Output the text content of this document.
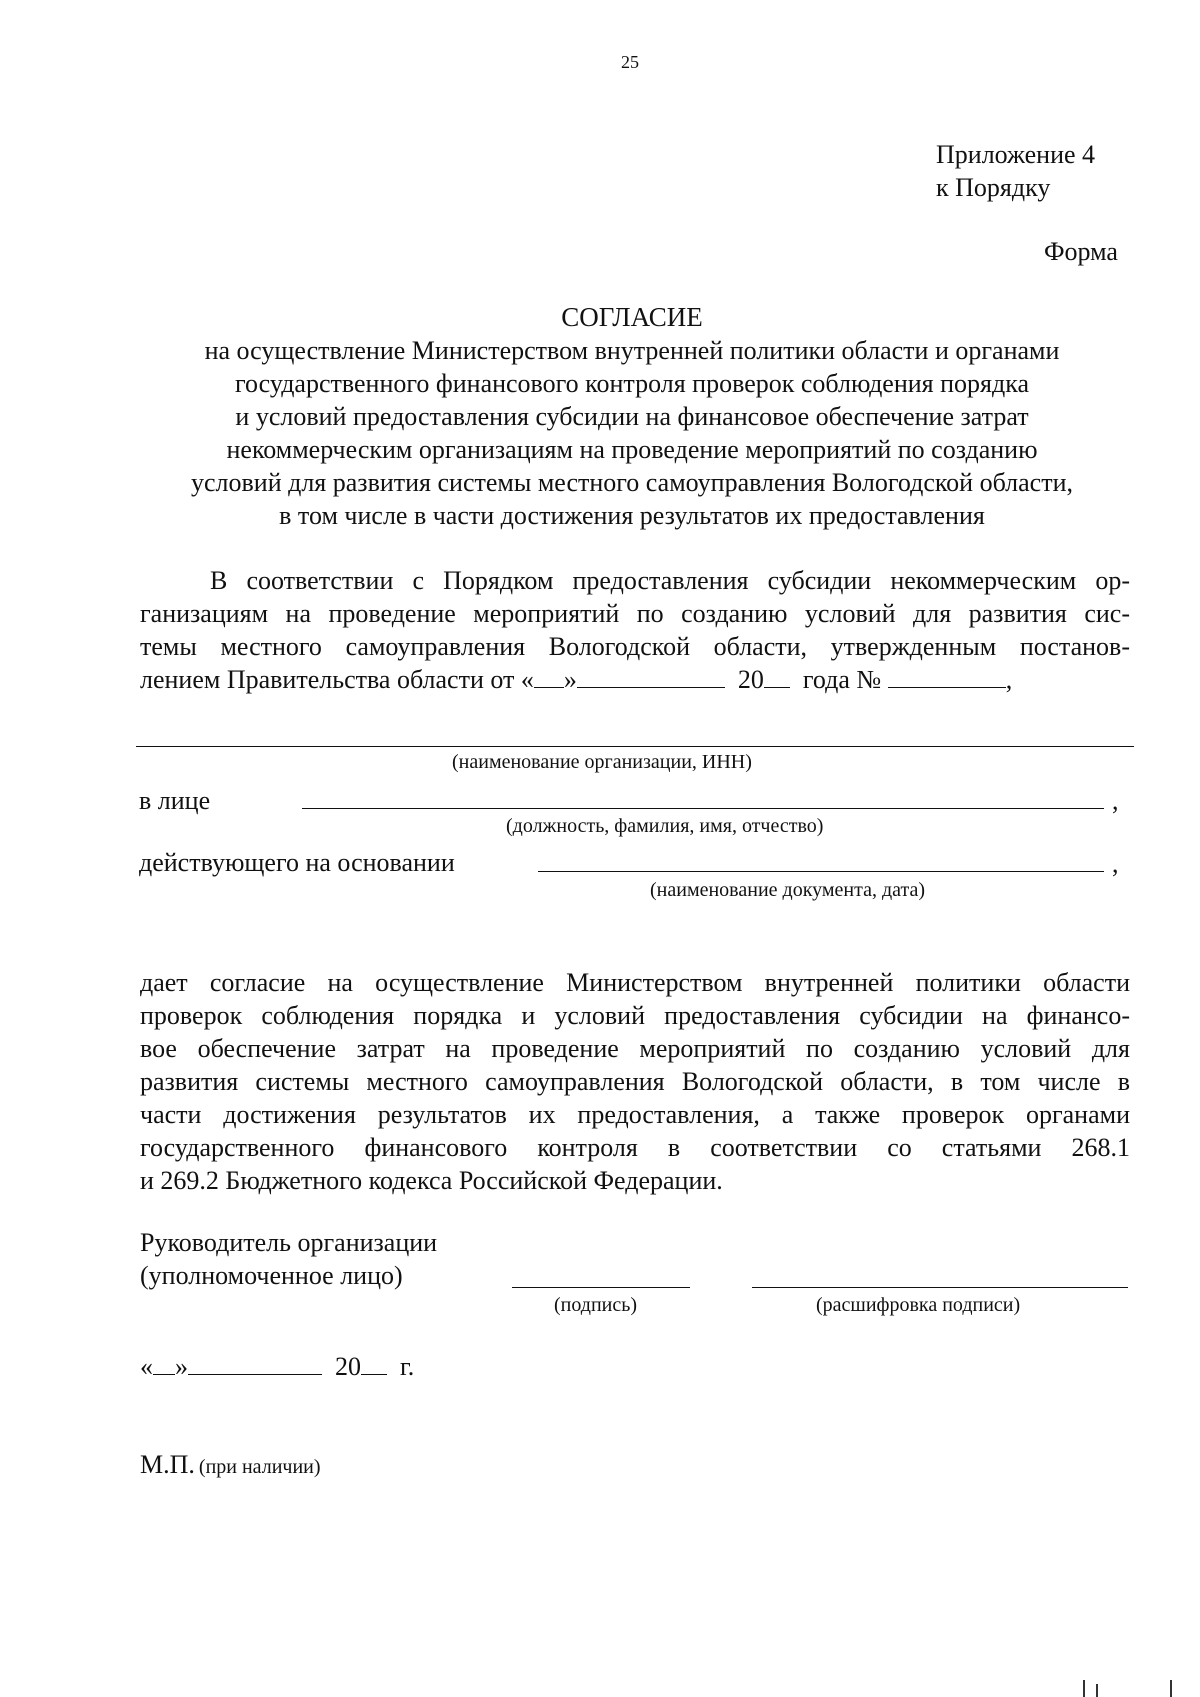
25
Приложение 4
к Порядку
Форма
СОГЛАСИЕ
на осуществление Министерством внутренней политики области и органами
государственного финансового контроля проверок соблюдения порядка
и условий предоставления субсидии на финансовое обеспечение затрат
некоммерческим организациям на проведение мероприятий по созданию
условий для развития системы местного самоуправления Вологодской области,
в том числе в части достижения результатов их предоставления
В соответствии с Порядком предоставления субсидии некоммерческим ор-
ганизациям на проведение мероприятий по созданию условий для развития сис-
темы местного самоуправления Вологодской области, утвержденным постанов-
лением Правительства области от « »	20 года №	,
(наименование организации, ИНН)
в лице	,
(должность, фамилия, имя, отчество)
действующего на основании	,
(наименование документа, дата)
дает согласие на осуществление Министерством внутренней политики области
проверок соблюдения порядка и условий предоставления субсидии на финансо-
вое обеспечение затрат на проведение мероприятий по созданию условий для
развития системы местного самоуправления Вологодской области, в том числе в
части достижения результатов их предоставления, а также проверок органами
государственного финансового контроля в соответствии со статьями 268.1
и 269.2 Бюджетного кодекса Российской Федерации.
Руководитель организации
(уполномоченное лицо)
(подпись)	(расшифровка подписи)
« »	20 г.
М.П. (при наличии)
